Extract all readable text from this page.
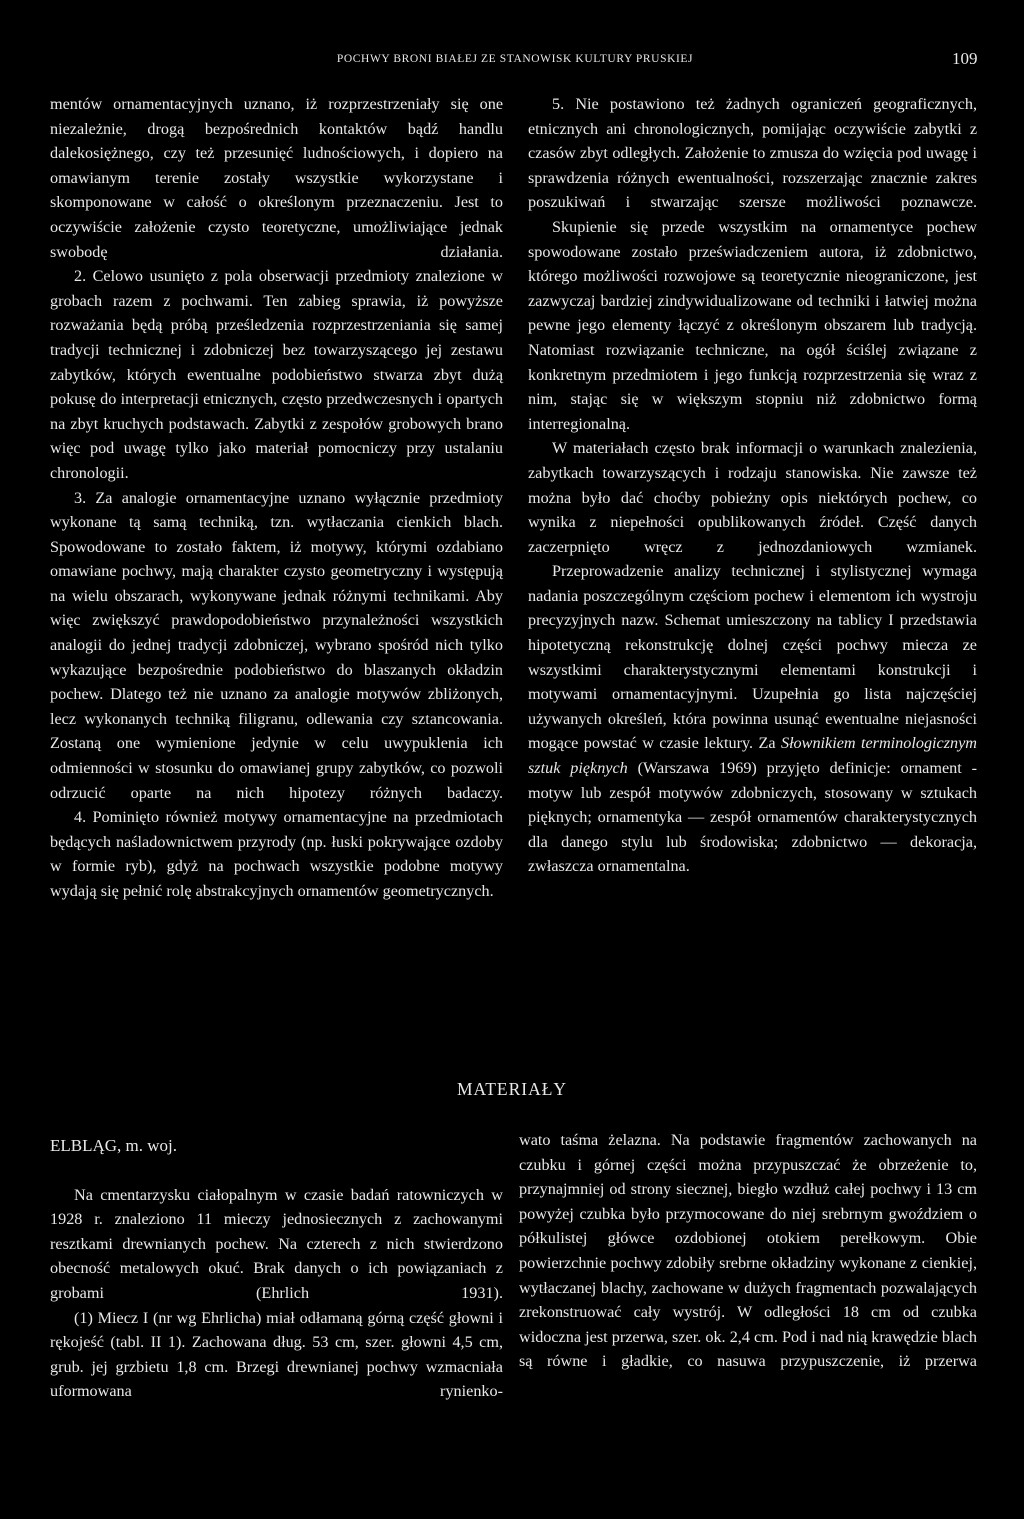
POCHWY BRONI BIAŁEJ ZE STANOWISK KULTURY PRUSKIEJ	109

mentów ornamentacyjnych uznano, iż rozprzestrzeniały się one niezależnie, drogą bezpośrednich kontaktów bądź handlu dalekosiężnego, czy też przesunięć ludnościowych, i dopiero na omawianym terenie zostały wszystkie wykorzystane i skomponowane w całość o określonym przeznaczeniu. Jest to oczywiście założenie czysto teoretyczne, umożliwiające jednak swobodę działania.

2. Celowo usunięto z pola obserwacji przedmioty znalezione w grobach razem z pochwami. Ten zabieg sprawia, iż powyższe rozważania będą próbą prześledzenia rozprzestrzeniania się samej tradycji technicznej i zdobniczej bez towarzyszącego jej zestawu zabytków, których ewentualne podobieństwo stwarza zbyt dużą pokusę do interpretacji etnicznych, często przedwczesnych i opartych na zbyt kruchych podstawach. Zabytki z zespołów grobowych brano więc pod uwagę tylko jako materiał pomocniczy przy ustalaniu chronologii.

3. Za analogie ornamentacyjne uznano wyłącznie przedmioty wykonane tą samą techniką, tzn. wytłaczania cienkich blach. Spowodowane to zostało faktem, iż motywy, którymi ozdabiano omawiane pochwy, mają charakter czysto geometryczny i występują na wielu obszarach, wykonywane jednak różnymi technikami. Aby więc zwiększyć prawdopodobieństwo przynależności wszystkich analogii do jednej tradycji zdobniczej, wybrano spośród nich tylko wykazujące bezpośrednie podobieństwo do blaszanych okładzin pochew. Dlatego też nie uznano za analogie motywów zbliżonych, lecz wykonanych techniką filigranu, odlewania czy sztancowania. Zostaną one wymienione jedynie w celu uwypuklenia ich odmienności w stosunku do omawianej grupy zabytków, co pozwoli odrzucić oparte na nich hipotezy różnych badaczy.

4. Pominięto również motywy ornamentacyjne na przedmiotach będących naśladownictwem przyrody (np. łuski pokrywające ozdoby w formie ryb), gdyż na pochwach wszystkie podobne motywy wydają się pełnić rolę abstrakcyjnych ornamentów geometrycznych.

5. Nie postawiono też żadnych ograniczeń geograficznych, etnicznych ani chronologicznych, pomijając oczywiście zabytki z czasów zbyt odległych. Założenie to zmusza do wzięcia pod uwagę i sprawdzenia różnych ewentualności, rozszerzając znacznie zakres poszukiwań i stwarzając szersze możliwości poznawcze.

Skupienie się przede wszystkim na ornamentyce pochew spowodowane zostało przeświadczeniem autora, iż zdobnictwo, którego możliwości rozwojowe są teoretycznie nieograniczone, jest zazwyczaj bardziej zindywidualizowane od techniki i łatwiej można pewne jego elementy łączyć z określonym obszarem lub tradycją. Natomiast rozwiązanie techniczne, na ogół ściślej związane z konkretnym przedmiotem i jego funkcją rozprzestrzenia się wraz z nim, stając się w większym stopniu niż zdobnictwo formą interregionalną.

W materiałach często brak informacji o warunkach znalezienia, zabytkach towarzyszących i rodzaju stanowiska. Nie zawsze też można było dać choćby pobieżny opis niektórych pochew, co wynika z niepełności opublikowanych źródeł. Część danych zaczerpnięto wręcz z jednozdaniowych wzmianek.

Przeprowadzenie analizy technicznej i stylistycznej wymaga nadania poszczególnym częściom pochew i elementom ich wystroju precyzyjnych nazw. Schemat umieszczony na tablicy I przedstawia hipotetyczną rekonstrukcję dolnej części pochwy miecza ze wszystkimi charakterystycznymi elementami konstrukcji i motywami ornamentacyjnymi. Uzupełnia go lista najczęściej używanych określeń, która powinna usunąć ewentualne niejasności mogące powstać w czasie lektury. Za Słownikiem terminologicznym sztuk pięknych (Warszawa 1969) przyjęto definicje: ornament - motyw lub zespół motywów zdobniczych, stosowany w sztukach pięknych; ornamentyka — zespół ornamentów charakterystycznych dla danego stylu lub środowiska; zdobnictwo — dekoracja, zwłaszcza ornamentalna.

MATERIAŁY

ELBLĄG, m. woj.

Na cmentarzysku ciałopalnym w czasie badań ratowniczych w 1928 r. znaleziono 11 mieczy jednosiecznych z zachowanymi resztkami drewnianych pochew. Na czterech z nich stwierdzono obecność metalowych okuć. Brak danych o ich powiązaniach z grobami (Ehrlich 1931).

(1) Miecz I (nr wg Ehrlicha) miał odłamaną górną część głowni i rękojeść (tabl. II 1). Zachowana dług. 53 cm, szer. głowni 4,5 cm, grub. jej grzbietu 1,8 cm. Brzegi drewnianej pochwy wzmacniała uformowana rynienko-

wato taśma żelazna. Na podstawie fragmentów zachowanych na czubku i górnej części można przypuszczać że obrzeżenie to, przynajmniej od strony siecznej, biegło wzdłuż całej pochwy i 13 cm powyżej czubka było przymocowane do niej srebrnym gwoździem o półkulistej główce ozdobionej otokiem perełkowym. Obie powierzchnie pochwy zdobiły srebrne okładziny wykonane z cienkiej, wytłaczanej blachy, zachowane w dużych fragmentach pozwalających zrekonstruować cały wystrój. W odległości 18 cm od czubka widoczna jest przerwa, szer. ok. 2,4 cm. Pod i nad nią krawędzie blach są równe i gładkie, co nasuwa przypuszczenie, iż przerwa
